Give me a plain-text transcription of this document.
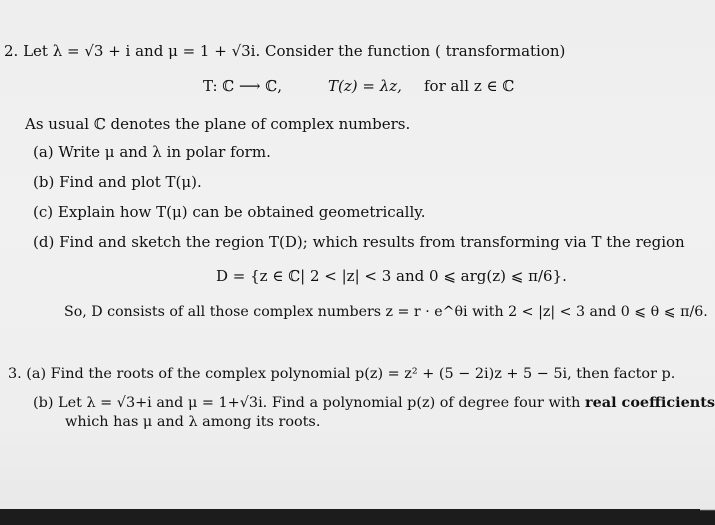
2. Let λ = √3 + i and μ = 1 + √3i. Consider the function ( transformation)
T: ℂ ⟶ ℂ,	T(z) = λz, for all z ∈ ℂ
As usual ℂ denotes the plane of complex numbers.
(a) Write μ and λ in polar form.
(b) Find and plot T(μ).
(c) Explain how T(μ) can be obtained geometrically.
(d) Find and sketch the region T(D); which results from transforming via T the region
D = {z ∈ ℂ| 2 < |z| < 3 and 0 ⩽ arg(z) ⩽ π/6}.
So, D consists of all those complex numbers z = r · e^θi with 2 < |z| < 3 and 0 ⩽ θ ⩽ π/6.
3. (a) Find the roots of the complex polynomial p(z) = z² + (5 − 2i)z + 5 − 5i, then factor p.
(b) Let λ = √3+i and μ = 1+√3i. Find a polynomial p(z) of degree four with real coefficients
which has μ and λ among its roots.
